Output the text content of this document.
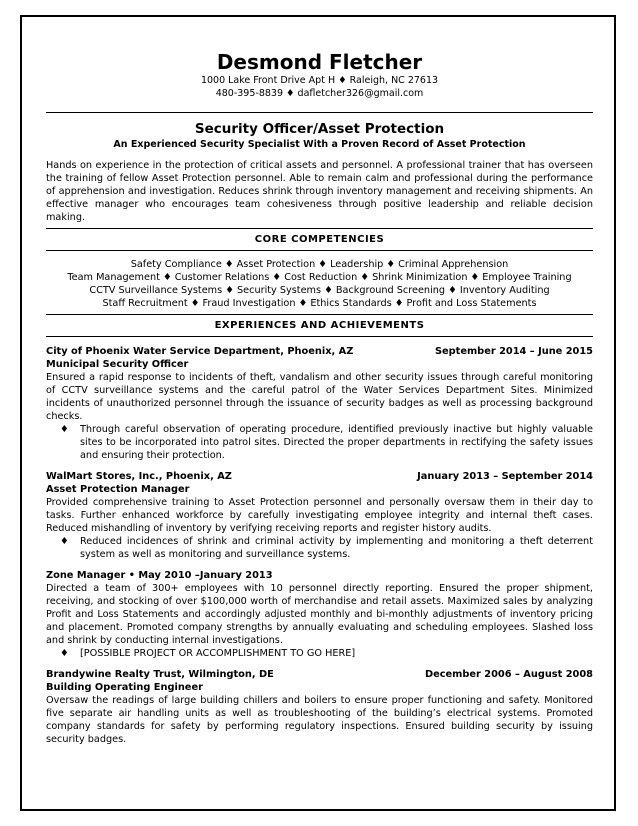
Desmond Fletcher
1000 Lake Front Drive Apt H ♦ Raleigh, NC 27613
480-395-8839 ♦ dafletcher326@gmail.com
Security Officer/Asset Protection
An Experienced Security Specialist With a Proven Record of Asset Protection
Hands on experience in the protection of critical assets and personnel. A professional trainer that has overseen the training of fellow Asset Protection personnel. Able to remain calm and professional during the performance of apprehension and investigation. Reduces shrink through inventory management and receiving shipments. An effective manager who encourages team cohesiveness through positive leadership and reliable decision making.
CORE COMPETENCIES
Safety Compliance ♦ Asset Protection ♦ Leadership ♦ Criminal Apprehension
Team Management ♦ Customer Relations ♦ Cost Reduction ♦ Shrink Minimization ♦ Employee Training
CCTV Surveillance Systems ♦ Security Systems ♦ Background Screening ♦ Inventory Auditing
Staff Recruitment ♦ Fraud Investigation ♦ Ethics Standards ♦ Profit and Loss Statements
EXPERIENCES AND ACHIEVEMENTS
City of Phoenix Water Service Department, Phoenix, AZ	September 2014 – June 2015
Municipal Security Officer
Ensured a rapid response to incidents of theft, vandalism and other security issues through careful monitoring of CCTV surveillance systems and the careful patrol of the Water Services Department Sites. Minimized incidents of unauthorized personnel through the issuance of security badges as well as processing background checks.
♦	Through careful observation of operating procedure, identified previously inactive but highly valuable sites to be incorporated into patrol sites. Directed the proper departments in rectifying the safety issues and ensuring their protection.
WalMart Stores, Inc., Phoenix, AZ	January 2013 – September 2014
Asset Protection Manager
Provided comprehensive training to Asset Protection personnel and personally oversaw them in their day to tasks. Further enhanced workforce by carefully investigating employee integrity and internal theft cases. Reduced mishandling of inventory by verifying receiving reports and register history audits.
♦	Reduced incidences of shrink and criminal activity by implementing and monitoring a theft deterrent system as well as monitoring and surveillance systems.
Zone Manager • May 2010 –January 2013
Directed a team of 300+ employees with 10 personnel directly reporting. Ensured the proper shipment, receiving, and stocking of over $100,000 worth of merchandise and retail assets. Maximized sales by analyzing Profit and Loss Statements and accordingly adjusted monthly and bi-monthly adjustments of inventory pricing and placement. Promoted company strengths by annually evaluating and scheduling employees. Slashed loss and shrink by conducting internal investigations.
♦	[POSSIBLE PROJECT OR ACCOMPLISHMENT TO GO HERE]
Brandywine Realty Trust, Wilmington, DE	December 2006 – August 2008
Building Operating Engineer
Oversaw the readings of large building chillers and boilers to ensure proper functioning and safety. Monitored five separate air handling units as well as troubleshooting of the building’s electrical systems. Promoted company standards for safety by performing regulatory inspections. Ensured building security by issuing security badges.
